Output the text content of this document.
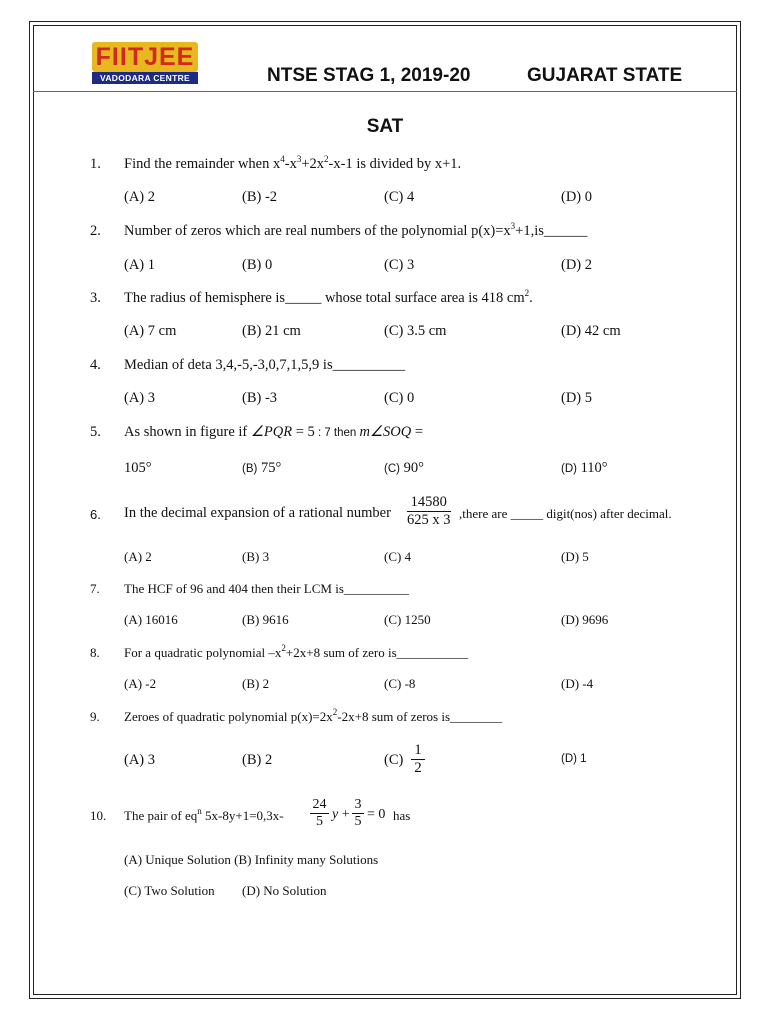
FIITJEE
VADODARA CENTRE	NTSE STAG 1, 2019-20	GUJARAT STATE
SAT
1. Find the remainder when $x^4-x^3+2x^2-x-1$ is divided by x+1.
(A) 2	(B) -2	(C) 4	(D) 0
2. Number of zeros which are real numbers of the polynomial $p(x)=x^3+1,is\_\_\_\_\_\_$
(A) 1	(B) 0	(C) 3	(D) 2
3. The radius of hemisphere is_____ whose total surface area is 418 $cm^2$.
(A) 7 cm	(B) 21 cm	(C) 3.5 cm	(D) 42 cm
4. Median of deta 3,4,-5,-3,0,7,1,5,9 is__________
(A) 3	(B) -3	(C) 0	(D) 5
5. As shown in figure if ∠PQR = 5 : 7 then m∠SOQ =
105°	(B) 75°	(C) 90°	(D) 110°
6. In the decimal expansion of a rational number $\frac{14580}{625 x 3}$ ,there are _____ digit(nos) after decimal.
(A) 2	(B) 3	(C) 4	(D) 5
7. The HCF of 96 and 404 then their LCM is__________
(A) 16016	(B) 9616	(C) 1250	(D) 9696
8. For a quadratic polynomial $-x^2+2x+8$ sum of zero is___________
(A) -2	(B) 2	(C) -8	(D) -4
9. Zeroes of quadratic polynomial $p(x)=2x^2-2x+8$ sum of zeros is________
(A) 3	(B) 2	$(C) \frac{1}{2}$	(D) 1
10. The pair of $eq^n$ $5x-8y+1=0,3x- \frac{24}{5}$ $y + \frac{3}{5} = 0$ has
(A) Unique Solution (B) Infinity many Solutions
(C) Two Solution (D) No Solution
